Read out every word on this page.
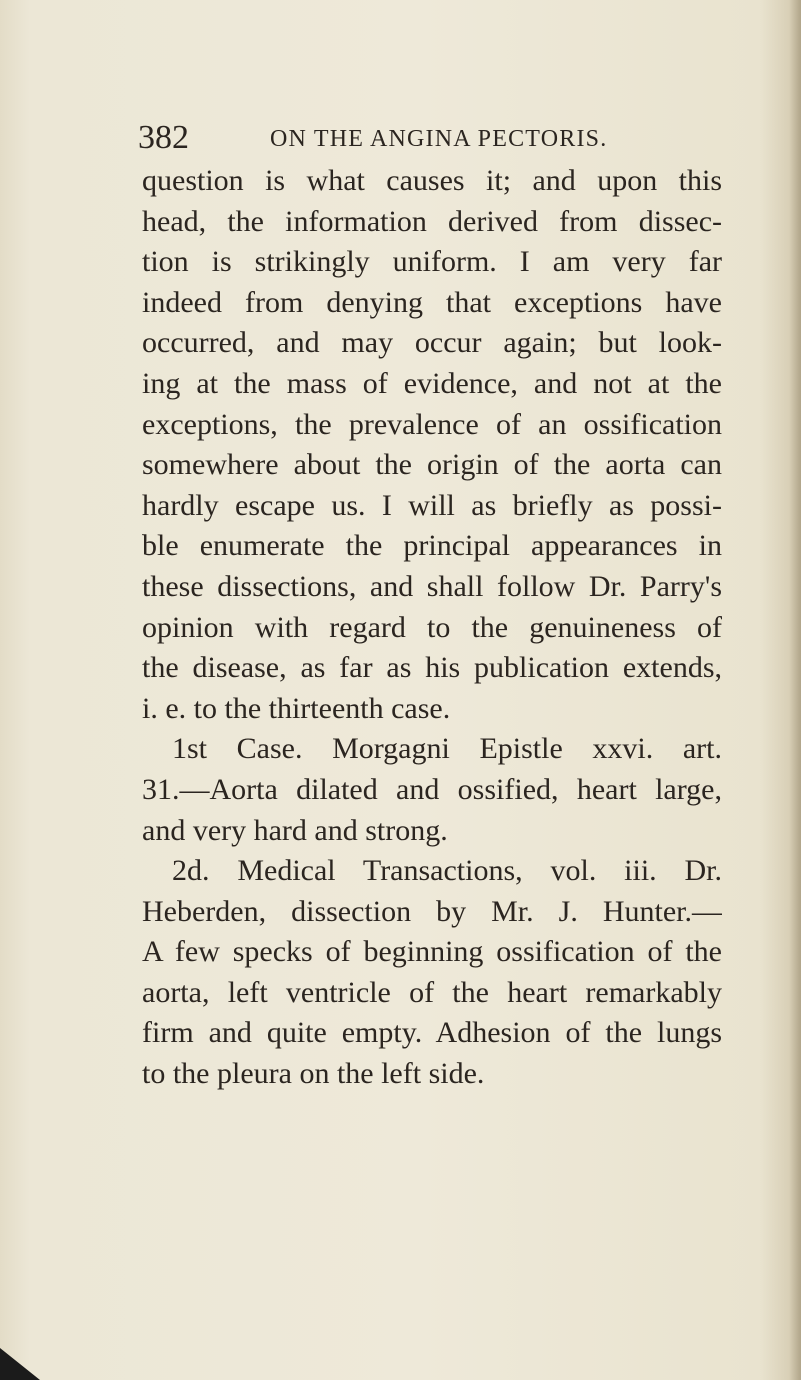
382	ON THE ANGINA PECTORIS.
question is what causes it; and upon this
head, the information derived from dissec-
tion is strikingly uniform. I am very far
indeed from denying that exceptions have
occurred, and may occur again; but look-
ing at the mass of evidence, and not at the
exceptions, the prevalence of an ossification
somewhere about the origin of the aorta can
hardly escape us. I will as briefly as possi-
ble enumerate the principal appearances in
these dissections, and shall follow Dr. Parry's
opinion with regard to the genuineness of
the disease, as far as his publication extends,
i. e. to the thirteenth case.
1st Case. Morgagni Epistle xxvi. art.
31.—Aorta dilated and ossified, heart large,
and very hard and strong.
2d. Medical Transactions, vol. iii. Dr.
Heberden, dissection by Mr. J. Hunter.—
A few specks of beginning ossification of the
aorta, left ventricle of the heart remarkably
firm and quite empty. Adhesion of the lungs
to the pleura on the left side.
